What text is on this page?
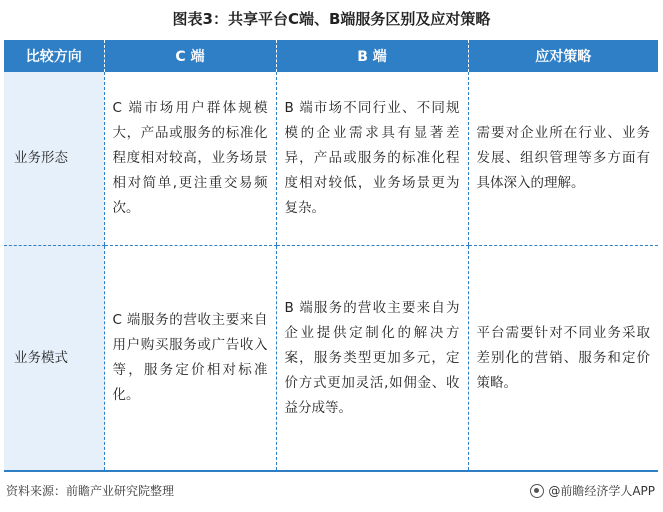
图表3：共享平台C端、B端服务区别及应对策略
比较方向	C 端	B 端	应对策略
业务形态	C 端市场用户群体规模大，产品或服务的标准化程度相对较高，业务场景相对简单,更注重交易频次。	B 端市场不同行业、不同规模的企业需求具有显著差异，产品或服务的标准化程度相对较低，业务场景更为复杂。	需要对企业所在行业、业务发展、组织管理等多方面有具体深入的理解。
业务模式	C 端服务的营收主要来自用户购买服务或广告收入等，服务定价相对标准化。	B 端服务的营收主要来自为企业提供定制化的解决方案，服务类型更加多元，定价方式更加灵活,如佣金、收益分成等。	平台需要针对不同业务采取差别化的营销、服务和定价策略。
资料来源：前瞻产业研究院整理	@前瞻经济学人APP
